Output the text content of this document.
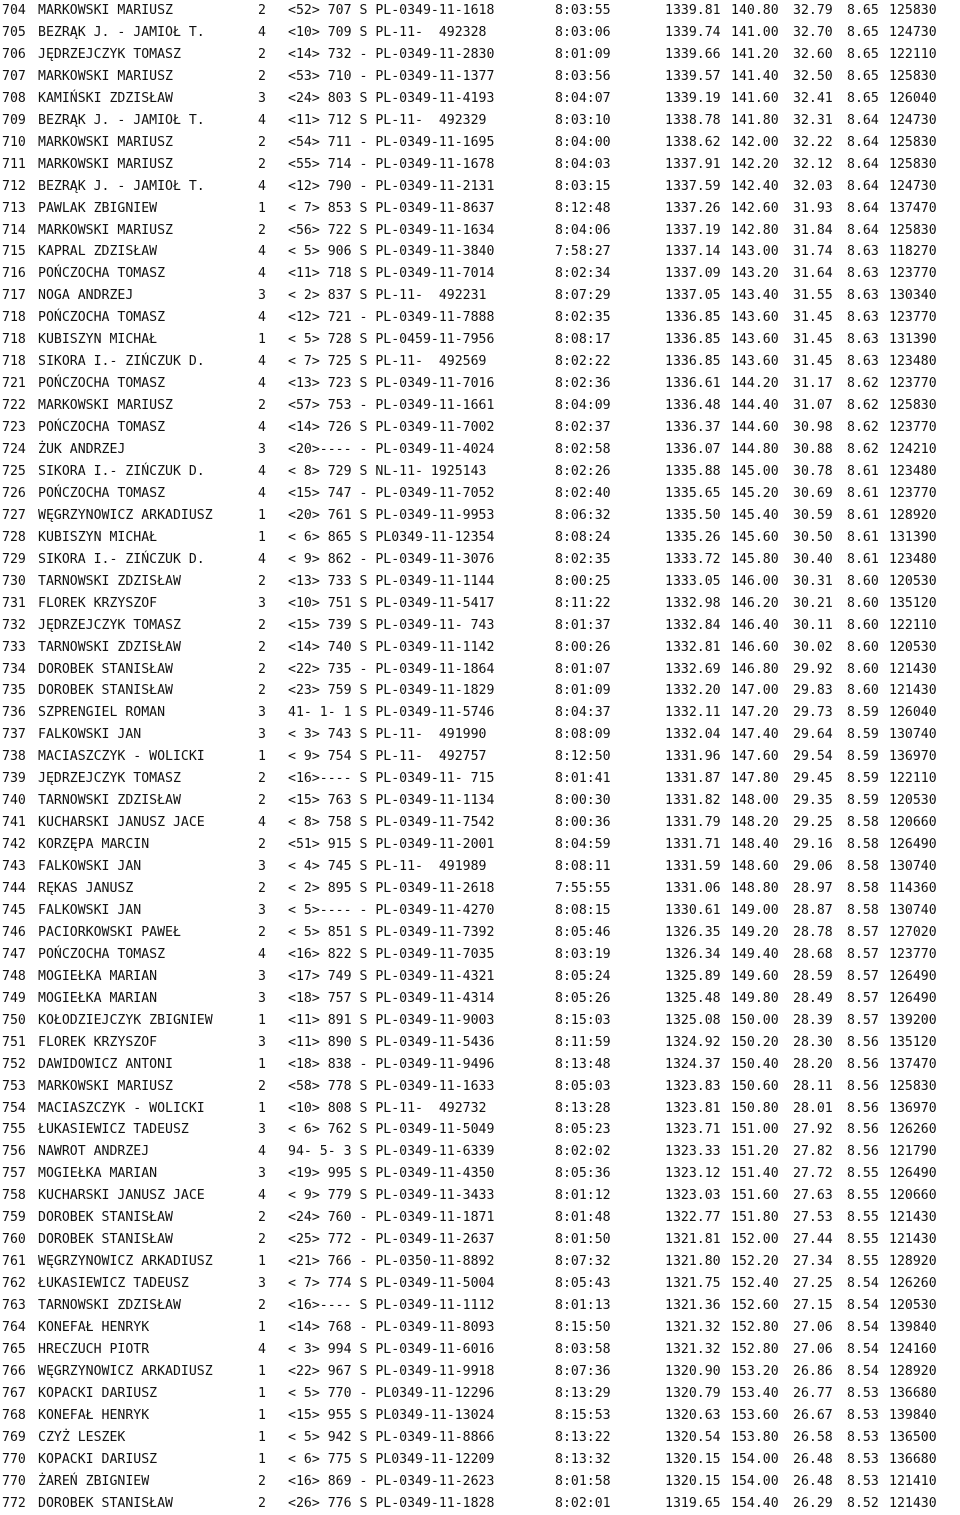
704 MARKOWSKI MARIUSZ	2 <52> 707 S PL-0349-11-1618	8:03:55	1339.81 140.80 32.79 8.65 125830
705 BEZRĄK J. - JAMIOŁ T.	4 <10> 709 S PL-11-  492328	8:03:06	1339.74 141.00 32.70 8.65 124730
706 JĘDRZEJCZYK TOMASZ	2 <14> 732 - PL-0349-11-2830	8:01:09	1339.66 141.20 32.60 8.65 122110
707 MARKOWSKI MARIUSZ	2 <53> 710 - PL-0349-11-1377	8:03:56	1339.57 141.40 32.50 8.65 125830
708 KAMIŃSKI ZDZISŁAW	3 <24> 803 S PL-0349-11-4193	8:04:07	1339.19 141.60 32.41 8.65 126040
709 BEZRĄK J. - JAMIOŁ T.	4 <11> 712 S PL-11-  492329	8:03:10	1338.78 141.80 32.31 8.64 124730
710 MARKOWSKI MARIUSZ	2 <54> 711 - PL-0349-11-1695	8:04:00	1338.62 142.00 32.22 8.64 125830
711 MARKOWSKI MARIUSZ	2 <55> 714 - PL-0349-11-1678	8:04:03	1337.91 142.20 32.12 8.64 125830
712 BEZRĄK J. - JAMIOŁ T.	4 <12> 790 - PL-0349-11-2131	8:03:15	1337.59 142.40 32.03 8.64 124730
713 PAWLAK ZBIGNIEW	1 < 7> 853 S PL-0349-11-8637	8:12:48	1337.26 142.60 31.93 8.64 137470
714 MARKOWSKI MARIUSZ	2 <56> 722 S PL-0349-11-1634	8:04:06	1337.19 142.80 31.84 8.64 125830
715 KAPRAL ZDZISŁAW	4 < 5> 906 S PL-0349-11-3840	7:58:27	1337.14 143.00 31.74 8.63 118270
716 POŃCZOCHA TOMASZ	4 <11> 718 S PL-0349-11-7014	8:02:34	1337.09 143.20 31.64 8.63 123770
717 NOGA ANDRZEJ	3 < 2> 837 S PL-11-  492231	8:07:29	1337.05 143.40 31.55 8.63 130340
718 POŃCZOCHA TOMASZ	4 <12> 721 - PL-0349-11-7888	8:02:35	1336.85 143.60 31.45 8.63 123770
718 KUBISZYN MICHAŁ	1 < 5> 728 S PL-0459-11-7956	8:08:17	1336.85 143.60 31.45 8.63 131390
718 SIKORA I.- ZIŃCZUK D.	4 < 7> 725 S PL-11-  492569	8:02:22	1336.85 143.60 31.45 8.63 123480
721 POŃCZOCHA TOMASZ	4 <13> 723 S PL-0349-11-7016	8:02:36	1336.61 144.20 31.17 8.62 123770
722 MARKOWSKI MARIUSZ	2 <57> 753 - PL-0349-11-1661	8:04:09	1336.48 144.40 31.07 8.62 125830
723 POŃCZOCHA TOMASZ	4 <14> 726 S PL-0349-11-7002	8:02:37	1336.37 144.60 30.98 8.62 123770
724 ŻUK ANDRZEJ	3 <20>---- - PL-0349-11-4024	8:02:58	1336.07 144.80 30.88 8.62 124210
725 SIKORA I.- ZIŃCZUK D.	4 < 8> 729 S NL-11- 1925143	8:02:26	1335.88 145.00 30.78 8.61 123480
726 POŃCZOCHA TOMASZ	4 <15> 747 - PL-0349-11-7052	8:02:40	1335.65 145.20 30.69 8.61 123770
727 WĘGRZYNOWICZ ARKADIUSZ	1 <20> 761 S PL-0349-11-9953	8:06:32	1335.50 145.40 30.59 8.61 128920
728 KUBISZYN MICHAŁ	1 < 6> 865 S PL0349-11-12354	8:08:24	1335.26 145.60 30.50 8.61 131390
729 SIKORA I.- ZIŃCZUK D.	4 < 9> 862 - PL-0349-11-3076	8:02:35	1333.72 145.80 30.40 8.61 123480
730 TARNOWSKI ZDZISŁAW	2 <13> 733 S PL-0349-11-1144	8:00:25	1333.05 146.00 30.31 8.60 120530
731 FLOREK KRZYSZOF	3 <10> 751 S PL-0349-11-5417	8:11:22	1332.98 146.20 30.21 8.60 135120
732 JĘDRZEJCZYK TOMASZ	2 <15> 739 S PL-0349-11- 743	8:01:37	1332.84 146.40 30.11 8.60 122110
733 TARNOWSKI ZDZISŁAW	2 <14> 740 S PL-0349-11-1142	8:00:26	1332.81 146.60 30.02 8.60 120530
734 DOROBEK STANISŁAW	2 <22> 735 - PL-0349-11-1864	8:01:07	1332.69 146.80 29.92 8.60 121430
735 DOROBEK STANISŁAW	2 <23> 759 S PL-0349-11-1829	8:01:09	1332.20 147.00 29.83 8.60 121430
736 SZPRENGIEL ROMAN	3 41- 1- 1 S PL-0349-11-5746	8:04:37	1332.11 147.20 29.73 8.59 126040
737 FALKOWSKI JAN	3 < 3> 743 S PL-11-  491990	8:08:09	1332.04 147.40 29.64 8.59 130740
738 MACIASZCZYK - WOLICKI	1 < 9> 754 S PL-11-  492757	8:12:50	1331.96 147.60 29.54 8.59 136970
739 JĘDRZEJCZYK TOMASZ	2 <16>---- S PL-0349-11- 715	8:01:41	1331.87 147.80 29.45 8.59 122110
740 TARNOWSKI ZDZISŁAW	2 <15> 763 S PL-0349-11-1134	8:00:30	1331.82 148.00 29.35 8.59 120530
741 KUCHARSKI JANUSZ JACE	4 < 8> 758 S PL-0349-11-7542	8:00:36	1331.79 148.20 29.25 8.58 120660
742 KORZĘPA MARCIN	2 <51> 915 S PL-0349-11-2001	8:04:59	1331.71 148.40 29.16 8.58 126490
743 FALKOWSKI JAN	3 < 4> 745 S PL-11-  491989	8:08:11	1331.59 148.60 29.06 8.58 130740
744 RĘKAS JANUSZ	2 < 2> 895 S PL-0349-11-2618	7:55:55	1331.06 148.80 28.97 8.58 114360
745 FALKOWSKI JAN	3 < 5>---- - PL-0349-11-4270	8:08:15	1330.61 149.00 28.87 8.58 130740
746 PACIORKOWSKI PAWEŁ	2 < 5> 851 S PL-0349-11-7392	8:05:46	1326.35 149.20 28.78 8.57 127020
747 POŃCZOCHA TOMASZ	4 <16> 822 S PL-0349-11-7035	8:03:19	1326.34 149.40 28.68 8.57 123770
748 MOGIEŁKA MARIAN	3 <17> 749 S PL-0349-11-4321	8:05:24	1325.89 149.60 28.59 8.57 126490
749 MOGIEŁKA MARIAN	3 <18> 757 S PL-0349-11-4314	8:05:26	1325.48 149.80 28.49 8.57 126490
750 KOŁODZIEJCZYK ZBIGNIEW	1 <11> 891 S PL-0349-11-9003	8:15:03	1325.08 150.00 28.39 8.57 139200
751 FLOREK KRZYSZOF	3 <11> 890 S PL-0349-11-5436	8:11:59	1324.92 150.20 28.30 8.56 135120
752 DAWIDOWICZ ANTONI	1 <18> 838 - PL-0349-11-9496	8:13:48	1324.37 150.40 28.20 8.56 137470
753 MARKOWSKI MARIUSZ	2 <58> 778 S PL-0349-11-1633	8:05:03	1323.83 150.60 28.11 8.56 125830
754 MACIASZCZYK - WOLICKI	1 <10> 808 S PL-11-  492732	8:13:28	1323.81 150.80 28.01 8.56 136970
755 ŁUKASIEWICZ TADEUSZ	3 < 6> 762 S PL-0349-11-5049	8:05:23	1323.71 151.00 27.92 8.56 126260
756 NAWROT ANDRZEJ	4 94- 5- 3 S PL-0349-11-6339	8:02:02	1323.33 151.20 27.82 8.56 121790
757 MOGIEŁKA MARIAN	3 <19> 995 S PL-0349-11-4350	8:05:36	1323.12 151.40 27.72 8.55 126490
758 KUCHARSKI JANUSZ JACE	4 < 9> 779 S PL-0349-11-3433	8:01:12	1323.03 151.60 27.63 8.55 120660
759 DOROBEK STANISŁAW	2 <24> 760 - PL-0349-11-1871	8:01:48	1322.77 151.80 27.53 8.55 121430
760 DOROBEK STANISŁAW	2 <25> 772 - PL-0349-11-2637	8:01:50	1321.81 152.00 27.44 8.55 121430
761 WĘGRZYNOWICZ ARKADIUSZ	1 <21> 766 - PL-0350-11-8892	8:07:32	1321.80 152.20 27.34 8.55 128920
762 ŁUKASIEWICZ TADEUSZ	3 < 7> 774 S PL-0349-11-5004	8:05:43	1321.75 152.40 27.25 8.54 126260
763 TARNOWSKI ZDZISŁAW	2 <16>---- S PL-0349-11-1112	8:01:13	1321.36 152.60 27.15 8.54 120530
764 KONEFAŁ HENRYK	1 <14> 768 - PL-0349-11-8093	8:15:50	1321.32 152.80 27.06 8.54 139840
765 HRECZUCH PIOTR	4 < 3> 994 S PL-0349-11-6016	8:03:58	1321.32 152.80 27.06 8.54 124160
766 WĘGRZYNOWICZ ARKADIUSZ	1 <22> 967 S PL-0349-11-9918	8:07:36	1320.90 153.20 26.86 8.54 128920
767 KOPACKI DARIUSZ	1 < 5> 770 - PL0349-11-12296	8:13:29	1320.79 153.40 26.77 8.53 136680
768 KONEFAŁ HENRYK	1 <15> 955 S PL0349-11-13024	8:15:53	1320.63 153.60 26.67 8.53 139840
769 CZYŻ LESZEK	1 < 5> 942 S PL-0349-11-8866	8:13:22	1320.54 153.80 26.58 8.53 136500
770 KOPACKI DARIUSZ	1 < 6> 775 S PL0349-11-12209	8:13:32	1320.15 154.00 26.48 8.53 136680
770 ŻAREŃ ZBIGNIEW	2 <16> 869 - PL-0349-11-2623	8:01:58	1320.15 154.00 26.48 8.53 121410
772 DOROBEK STANISŁAW	2 <26> 776 S PL-0349-11-1828	8:02:01	1319.65 154.40 26.29 8.52 121430
